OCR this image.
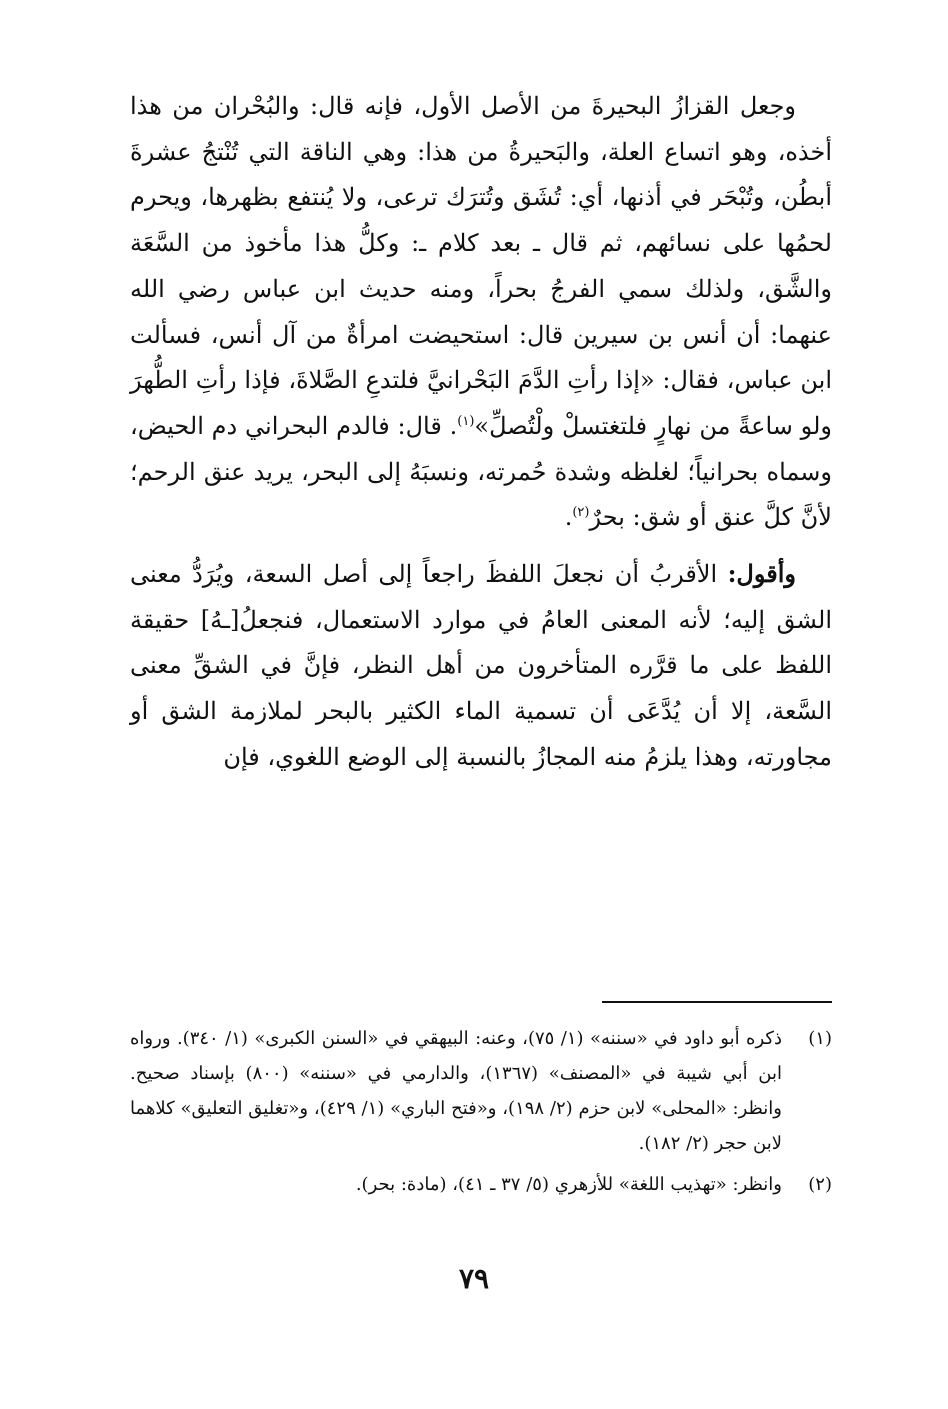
وجعل القزازُ البحيرةَ من الأصل الأول، فإنه قال: والبُحْران من هذا أخذه، وهو اتساع العلة، والبَحيرةُ من هذا: وهي الناقة التي تُنْتجُ عشرةَ أبطُن، وتُبْحَر في أذنها، أي: تُشَق وتُترَك ترعى، ولا يُنتفع بظهرها، ويحرم لحمُها على نسائهم، ثم قال ـ بعد كلام ـ: وكلُّ هذا مأخوذ من السَّعَة والشَّق، ولذلك سمي الفرجُ بحراً، ومنه حديث ابن عباس رضي الله عنهما: أن أنس بن سيرين قال: استحيضت امرأةٌ من آل أنس، فسألت ابن عباس، فقال: «إذا رأتِ الدَّمَ البَحْرانيَّ فلتدعِ الصَّلاةَ، فإذا رأتِ الطُّهرَ ولو ساعةً من نهارٍ فلتغتسلْ ولْتُصلِّ»$^{(١)}$. قال: فالدم البحراني دم الحيض، وسماه بحرانياً؛ لغلظه وشدة حُمرته، ونسبَهُ إلى البحر، يريد عنق الرحم؛ لأنَّ كلَّ عنق أو شق: بحرٌ$^{(٢)}$.

وأقول: الأقربُ أن نجعلَ اللفظَ راجعاً إلى أصل السعة، ويُرَدُّ معنى الشق إليه؛ لأنه المعنى العامُ في موارد الاستعمال، فنجعلُ[ـهُ] حقيقة اللفظ على ما قرَّره المتأخرون من أهل النظر، فإنَّ في الشقِّ معنى السَّعة، إلا أن يُدَّعَى أن تسمية الماء الكثير بالبحر لملازمة الشق أو مجاورته، وهذا يلزمُ منه المجازُ بالنسبة إلى الوضع اللغوي، فإن

(١)
ذكره أبو داود في «سننه» (١/ ٧٥)، وعنه: البيهقي في «السنن الكبرى» (١/ ٣٤٠). ورواه ابن أبي شيبة في «المصنف» (١٣٦٧)، والدارمي في «سننه» (٨٠٠) بإسناد صحيح. وانظر: «المحلى» لابن حزم (٢/ ١٩٨)، و«فتح الباري» (١/ ٤٢٩)، و«تغليق التعليق» كلاهما لابن حجر (٢/ ١٨٢).
(٢)
وانظر: «تهذيب اللغة» للأزهري (٥/ ٣٧ ـ ٤١)، (مادة: بحر).
٧٩
